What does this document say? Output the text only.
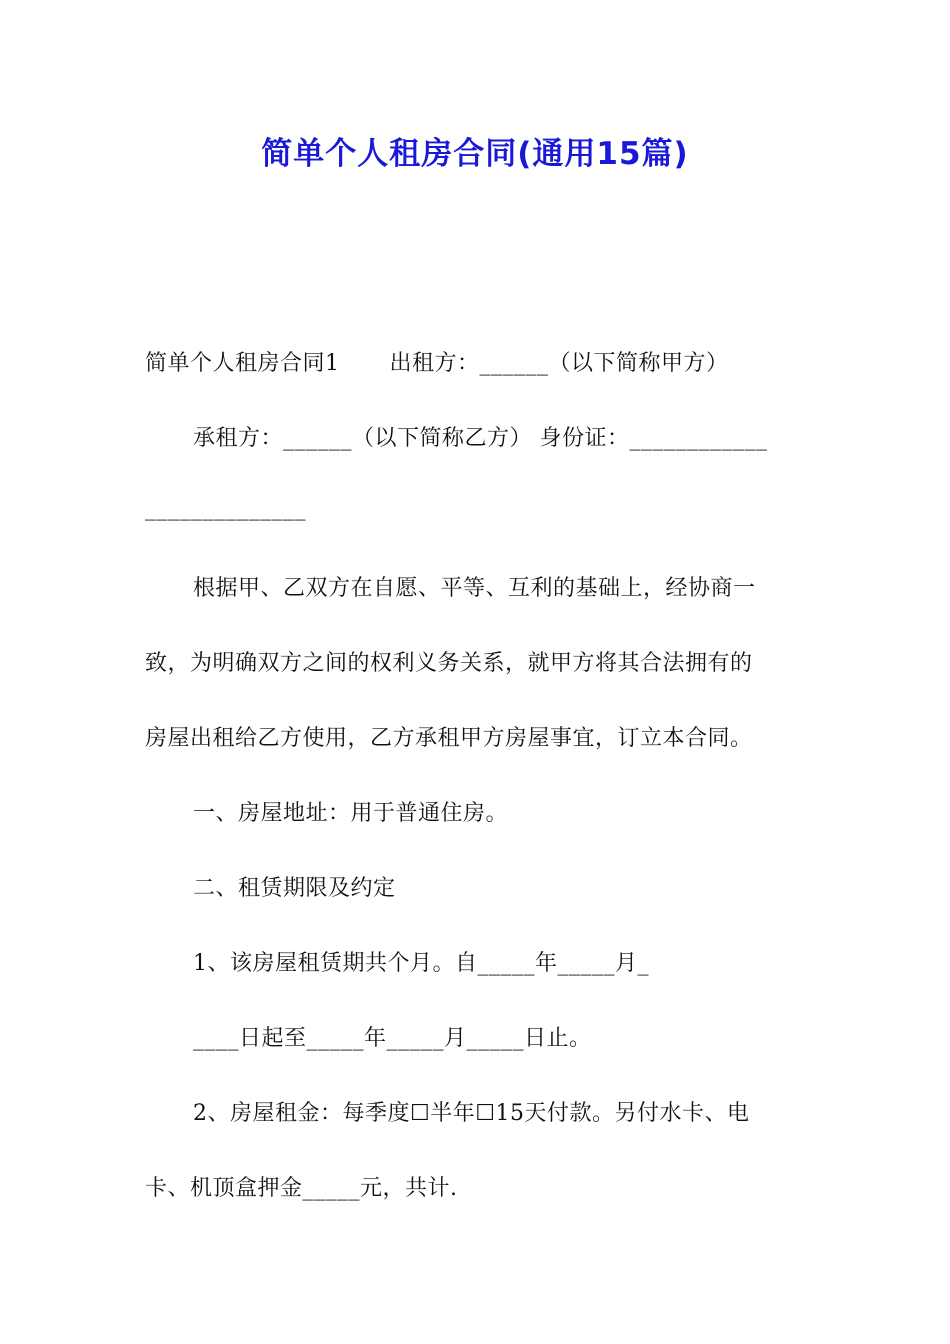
简单个人租房合同(通用15篇)
简单个人租房合同1 出租方：______（以下简称甲方）
承租方：______（以下简称乙方） 身份证：____________
______________
根据甲、乙双方在自愿、平等、互利的基础上，经协商一
致，为明确双方之间的权利义务关系，就甲方将其合法拥有的
房屋出租给乙方使用，乙方承租甲方房屋事宜，订立本合同。
一、房屋地址：用于普通住房。
二、租赁期限及约定
1、该房屋租赁期共个月。自_____年_____月_
____日起至_____年_____月_____日止。
2、房屋租金：每季度☐半年☐15天付款。另付水卡、电
卡、机顶盒押金_____元，共计.
